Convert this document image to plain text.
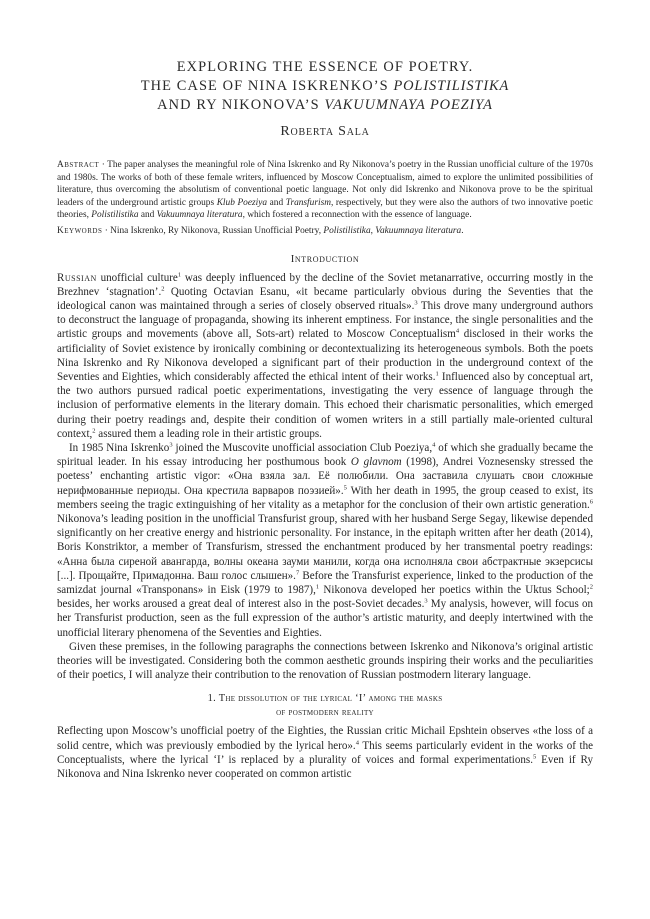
EXPLORING THE ESSENCE OF POETRY.
THE CASE OF NINA ISKRENKO’S POLISTILISTIKA
AND RY NIKONOVA’S VAKUUMNAYA POEZIYA
Roberta Sala
Abstract · The paper analyses the meaningful role of Nina Iskrenko and Ry Nikonova’s poetry in the Russian unofficial culture of the 1970s and 1980s. The works of both of these female writers, influenced by Moscow Conceptualism, aimed to explore the unlimited possibilities of literature, thus overcoming the absolutism of conventional poetic language. Not only did Iskrenko and Nikonova prove to be the spiritual leaders of the underground artistic groups Klub Poeziya and Transfurism, respectively, but they were also the authors of two innovative poetic theories, Polistilistika and Vakuumnaya literatura, which fostered a reconnection with the essence of language.
Keywords · Nina Iskrenko, Ry Nikonova, Russian Unofficial Poetry, Polistilistika, Vakuumnaya literatura.
Introduction

Russian unofficial culture$^1$ was deeply influenced by the decline of the Soviet metanarrative, occurring mostly in the Brezhnev ‘stagnation’.$^2$ Quoting Octavian Esanu, «it became particularly obvious during the Seventies that the ideological canon was maintained through a series of closely observed rituals».$^3$ This drove many underground authors to deconstruct the language of propaganda, showing its inherent emptiness. For instance, the single personalities and the artistic groups and movements (above all, Sots-art) related to Moscow Conceptualism$^4$ disclosed in their works the artificiality of Soviet existence by ironically combining or decontextualizing its heterogeneous symbols. Both the poets Nina Iskrenko and Ry Nikonova developed a significant part of their production in the underground context of the Seventies and Eighties, which considerably affected the ethical intent of their works.$^1$ Influenced also by conceptual art, the two authors pursued radical poetic experimentations, investigating the very essence of language through the inclusion of performative elements in the literary domain. This echoed their charismatic personalities, which emerged during their poetry readings and, despite their condition of women writers in a still partially male-oriented cultural context,$^2$ assured them a leading role in their artistic groups.

In 1985 Nina Iskrenko$^3$ joined the Muscovite unofficial association Club Poeziya,$^4$ of which she gradually became the spiritual leader. In his essay introducing her posthumous book O glavnom (1998), Andrei Voznesensky stressed the poetess’ enchanting artistic vigor: «Она взяла зал. Её полюбили. Она заставила слушать свои сложные нерифмованные периоды. Она крестила варваров поэзией».$^5$ With her death in 1995, the group ceased to exist, its members seeing the tragic extinguishing of her vitality as a metaphor for the conclusion of their own artistic generation.$^6$ Nikonova’s leading position in the unofficial Transfurist group, shared with her husband Serge Segay, likewise depended significantly on her creative energy and histrionic personality. For instance, in the epitaph written after her death (2014), Boris Konstriktor, a member of Transfurism, stressed the enchantment produced by her transmental poetry readings: «Анна была сиреной авангарда, волны океана зауми манили, когда она исполняла свои абстрактные экзерсисы [...]. Прощайте, Примадонна. Ваш голос слышен».$^7$ Before the Transfurist experience, linked to the production of the samizdat journal «Transponans» in Eisk (1979 to 1987),$^1$ Nikonova developed her poetics within the Uktus School;$^2$ besides, her works aroused a great deal of interest also in the post-Soviet decades.$^3$ My analysis, however, will focus on her Transfurist production, seen as the full expression of the author’s artistic maturity, and deeply intertwined with the unofficial literary phenomena of the Seventies and Eighties.

Given these premises, in the following paragraphs the connections between Iskrenko and Nikonova’s original artistic theories will be investigated. Considering both the common aesthetic grounds inspiring their works and the peculiarities of their poetics, I will analyze their contribution to the renovation of Russian postmodern literary language.

1. The dissolution of the lyrical ‘I’ among the masks
of postmodern reality

Reflecting upon Moscow’s unofficial poetry of the Eighties, the Russian critic Michail Epshtein observes «the loss of a solid centre, which was previously embodied by the lyrical hero».$^4$ This seems particularly evident in the works of the Conceptualists, where the lyrical ‘I’ is replaced by a plurality of voices and formal experimentations.$^5$ Even if Ry Nikonova and Nina Iskrenko never cooperated on common artistic
